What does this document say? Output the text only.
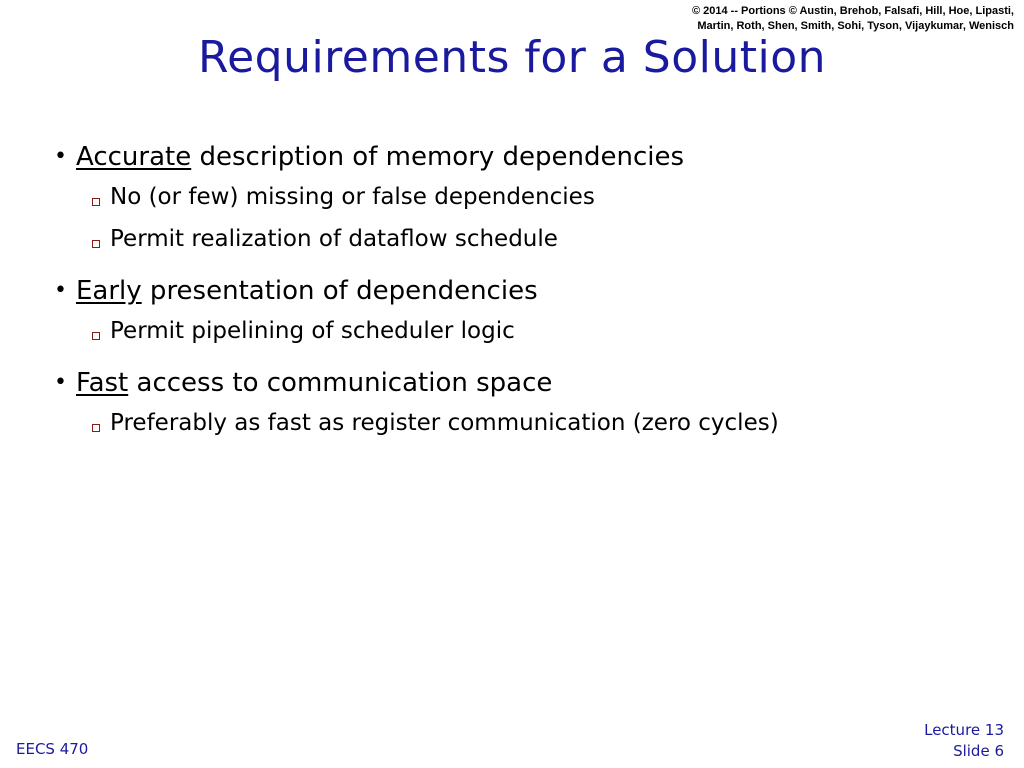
© 2014 -- Portions © Austin, Brehob, Falsafi, Hill, Hoe, Lipasti,
Martin, Roth, Shen, Smith, Sohi, Tyson, Vijaykumar, Wenisch
Requirements for a Solution

• Accurate description of memory dependencies

No (or few) missing or false dependencies

Permit realization of dataflow schedule

• Early presentation of dependencies

Permit pipelining of scheduler logic

• Fast access to communication space

Preferably as fast as register communication (zero cycles)

EECS 470
Lecture 13
Slide 6
